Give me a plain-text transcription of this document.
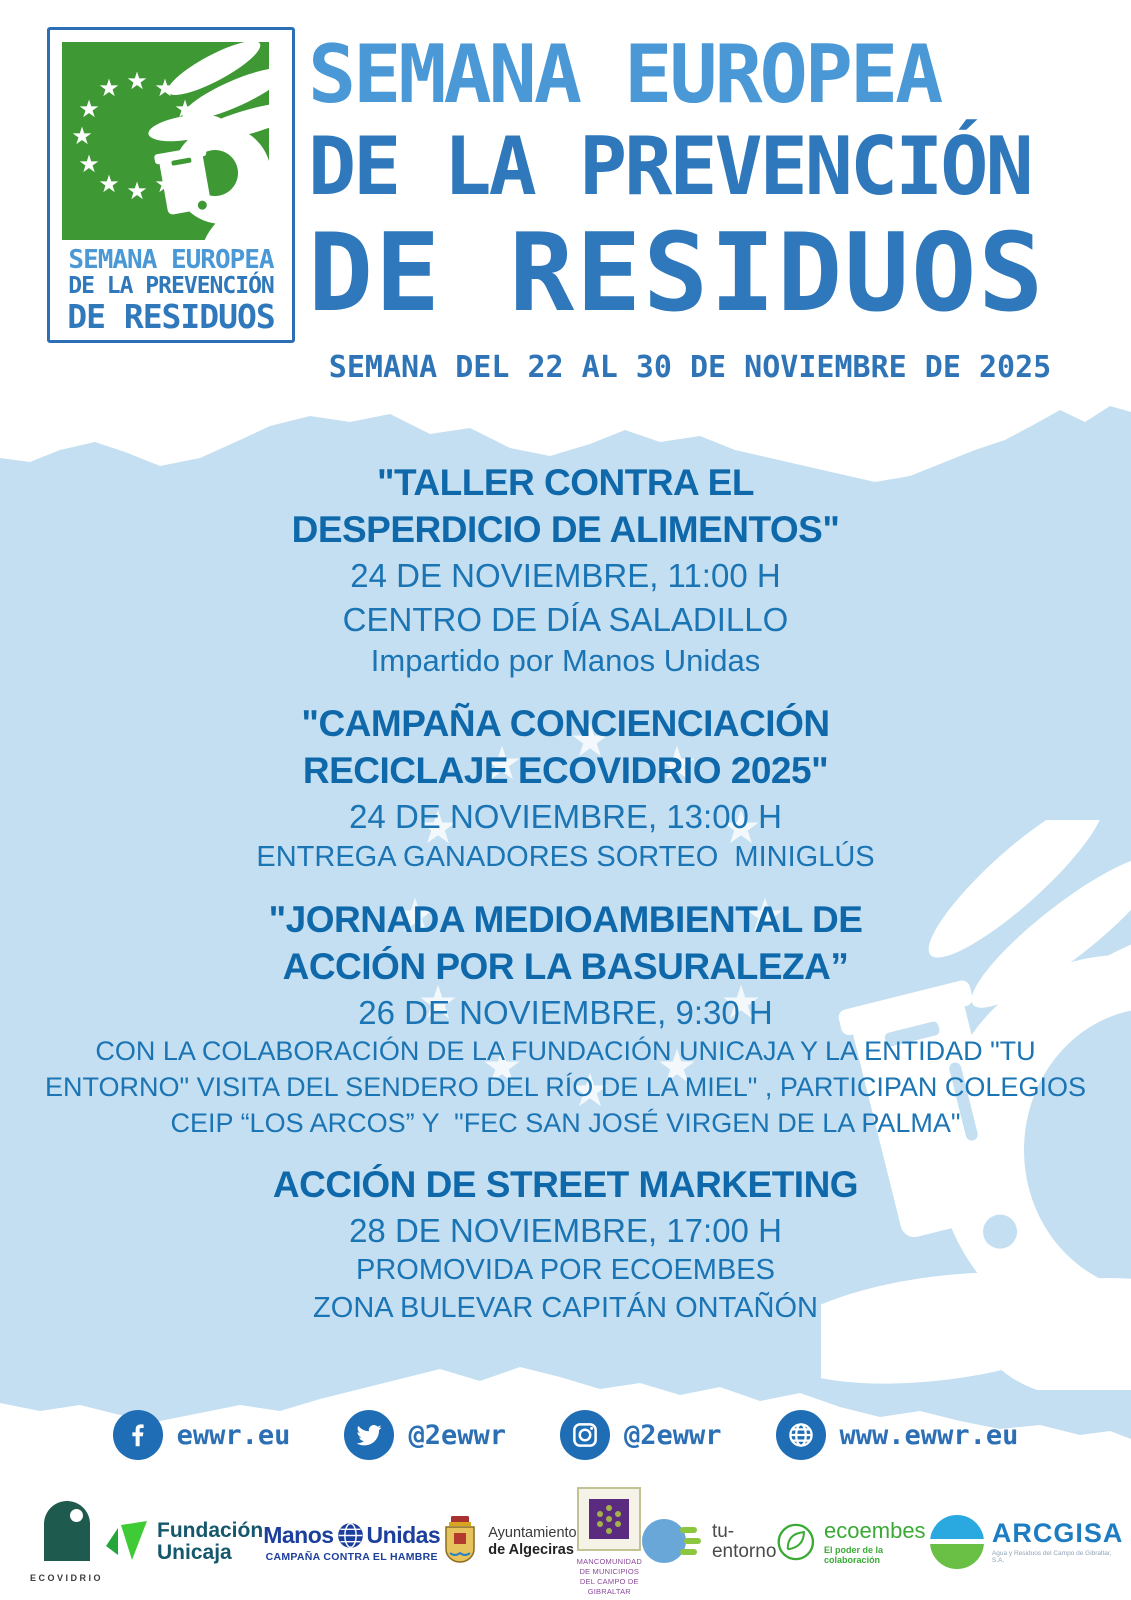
★
★
★
★
★
★
★
★
★
★
★
SEMANA EUROPEA
DE LA PREVENCIÓN
DE RESIDUOS
SEMANA EUROPEA
DE LA PREVENCIÓN
DE RESIDUOS
SEMANA DEL 22 AL 30 DE NOVIEMBRE DE 2025
★
★
★
★
★
★
★
★
★
★
★
★
"TALLER CONTRA EL
DESPERDICIO DE ALIMENTOS"
24 DE NOVIEMBRE, 11:00 H
CENTRO DE DÍA SALADILLO
Impartido por Manos Unidas
"CAMPAÑA CONCIENCIACIÓN
RECICLAJE ECOVIDRIO 2025"
24 DE NOVIEMBRE, 13:00 H
ENTREGA GANADORES SORTEO  MINIGLÚS
"JORNADA MEDIOAMBIENTAL DE
ACCIÓN POR LA BASURALEZA”
26 DE NOVIEMBRE, 9:30 H
CON LA COLABORACIÓN DE LA FUNDACIÓN UNICAJA Y LA ENTIDAD "TU
ENTORNO" VISITA DEL SENDERO DEL RÍO DE LA MIEL" , PARTICIPAN COLEGIOS
CEIP “LOS ARCOS” Y  "FEC SAN JOSÉ VIRGEN DE LA PALMA"
ACCIÓN DE STREET MARKETING
28 DE NOVIEMBRE, 17:00 H
PROMOVIDA POR ECOEMBES
ZONA BULEVAR CAPITÁN ONTAÑÓN
ewwr.eu	@2ewwr	@2ewwr	www.ewwr.eu
ECOVIDRIO
Fundación
Unicaja
Manos Unidas
CAMPAÑA CONTRA EL HAMBRE
Ayuntamiento
de Algeciras
MANCOMUNIDAD DE MUNICIPIOS
DEL CAMPO DE GIBRALTAR
tu-
entorno
ecoembes
El poder de la colaboración
ARCGISA
Agua y Residuos del Campo de Gibraltar, S.A.
